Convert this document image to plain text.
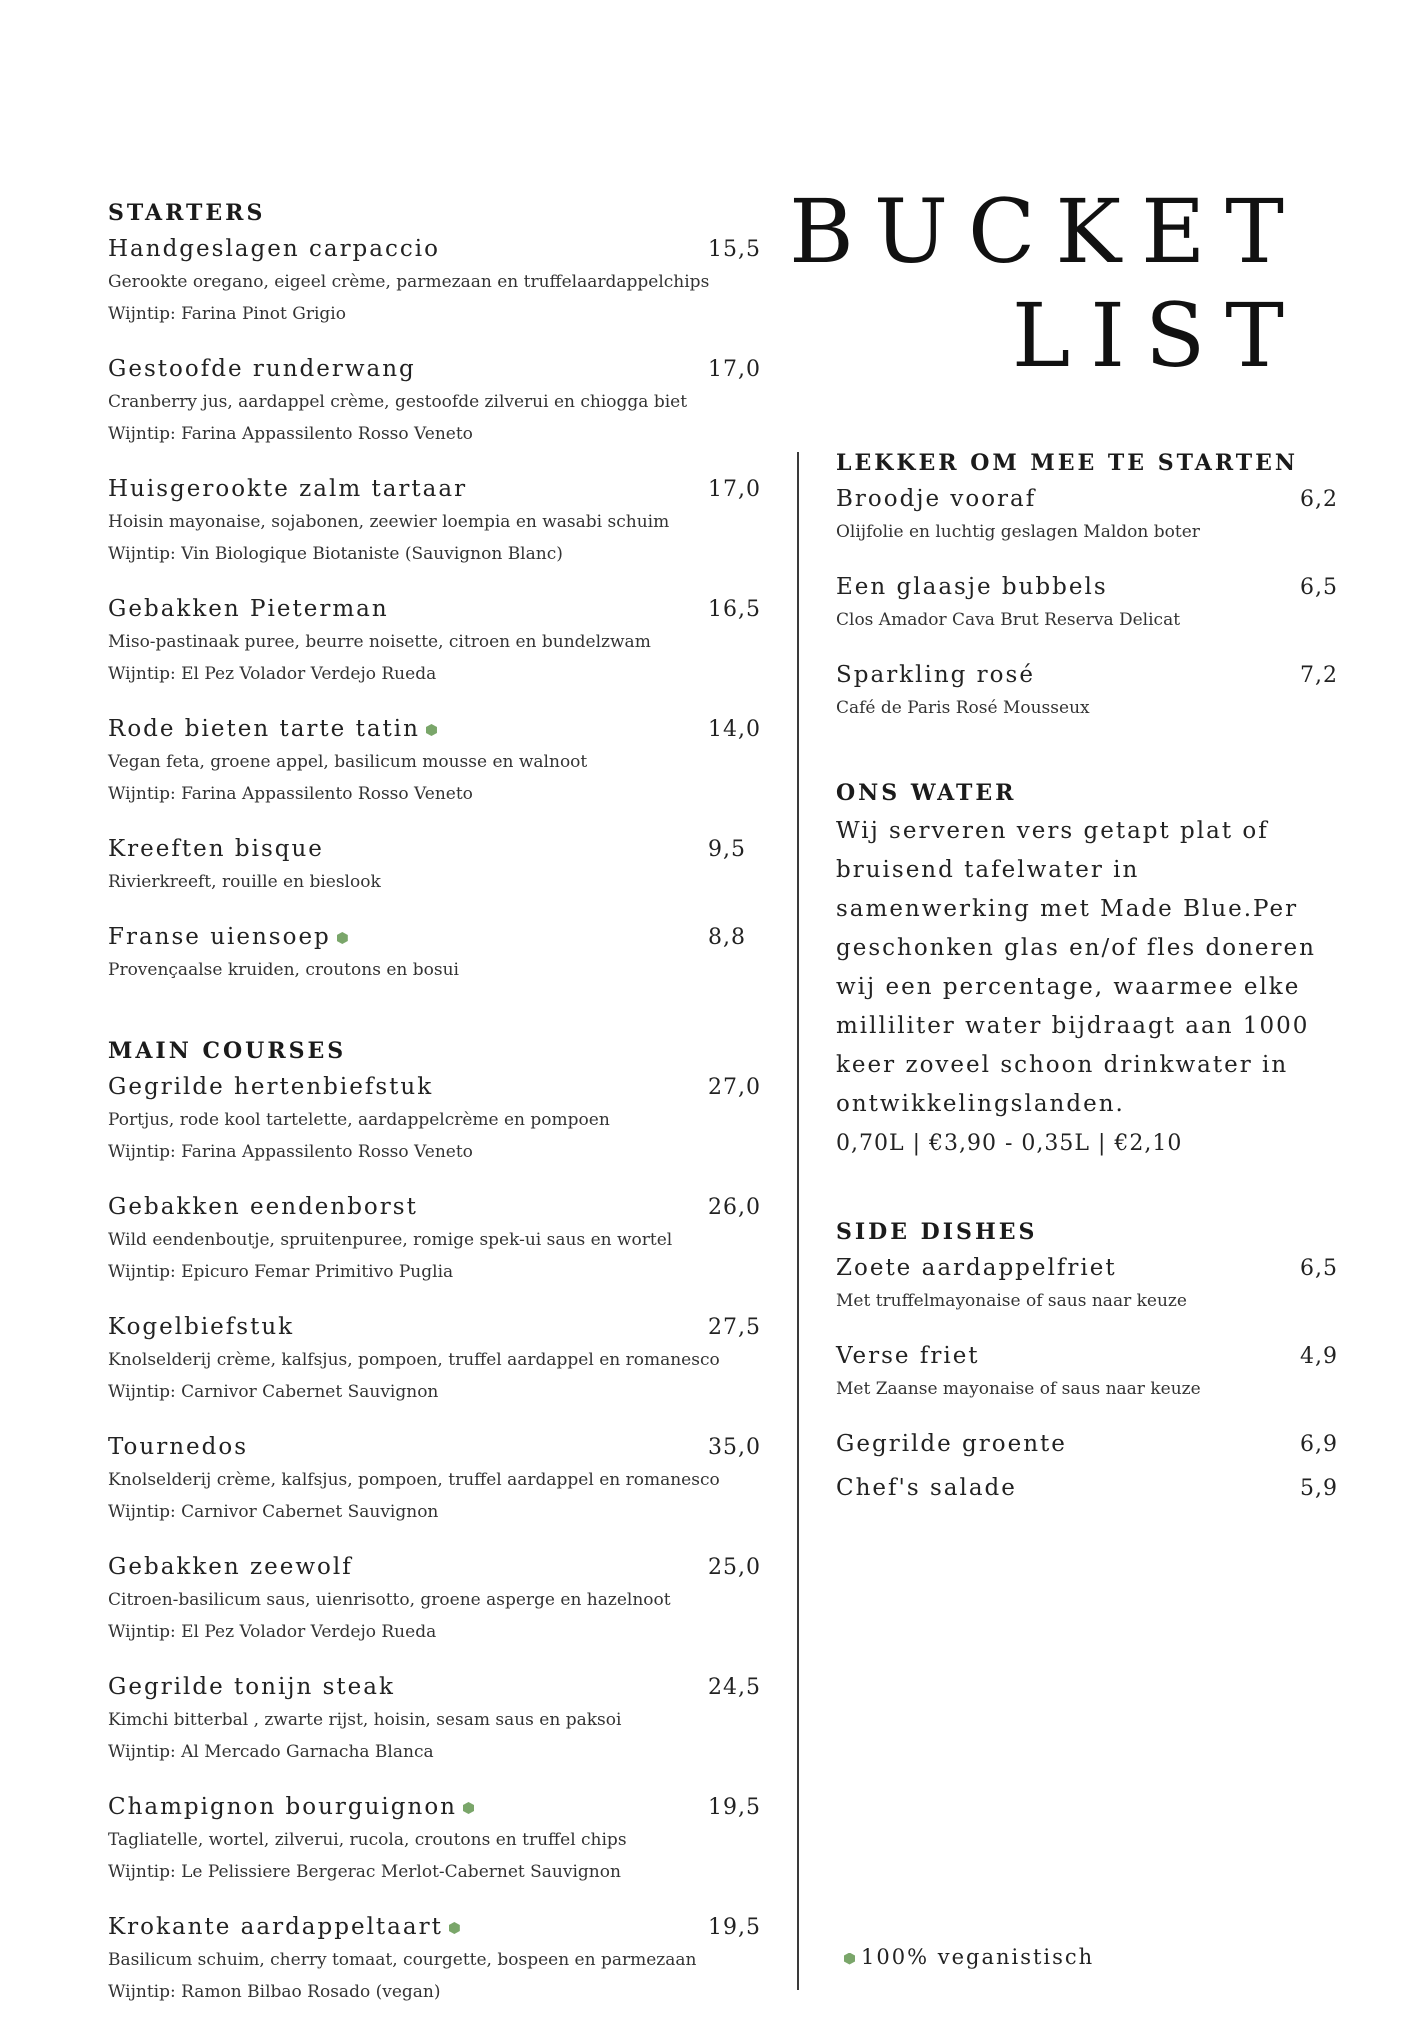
BUCKET
LIST
STARTERS
Handgeslagen carpaccio	15,5

Gerookte oregano, eigeel crème, parmezaan en truffelaardappelchips

Wijntip: Farina Pinot Grigio

Gestoofde runderwang	17,0

Cranberry jus, aardappel crème, gestoofde zilverui en chiogga biet

Wijntip: Farina Appassilento Rosso Veneto

Huisgerookte zalm tartaar	17,0

Hoisin mayonaise, sojabonen, zeewier loempia en wasabi schuim

Wijntip: Vin Biologique Biotaniste (Sauvignon Blanc)

Gebakken Pieterman	16,5

Miso-pastinaak puree, beurre noisette, citroen en bundelzwam

Wijntip: El Pez Volador Verdejo Rueda

Rode bieten tarte tatin	14,0

Vegan feta, groene appel, basilicum mousse en walnoot

Wijntip: Farina Appassilento Rosso Veneto

Kreeften bisque	9,5

Rivierkreeft, rouille en bieslook

Franse uiensoep	8,8

Provençaalse kruiden, croutons en bosui

MAIN COURSES
Gegrilde hertenbiefstuk	27,0

Portjus, rode kool tartelette, aardappelcrème en pompoen

Wijntip: Farina Appassilento Rosso Veneto

Gebakken eendenborst	26,0

Wild eendenboutje, spruitenpuree, romige spek-ui saus en wortel

Wijntip: Epicuro Femar Primitivo Puglia

Kogelbiefstuk	27,5

Knolselderij crème, kalfsjus, pompoen, truffel aardappel en romanesco

Wijntip: Carnivor Cabernet Sauvignon

Tournedos	35,0

Knolselderij crème, kalfsjus, pompoen, truffel aardappel en romanesco

Wijntip: Carnivor Cabernet Sauvignon

Gebakken zeewolf	25,0

Citroen-basilicum saus, uienrisotto, groene asperge en hazelnoot

Wijntip: El Pez Volador Verdejo Rueda

Gegrilde tonijn steak	24,5

Kimchi bitterbal , zwarte rijst, hoisin, sesam saus en paksoi

Wijntip: Al Mercado Garnacha Blanca

Champignon bourguignon	19,5

Tagliatelle, wortel, zilverui, rucola, croutons en truffel chips

Wijntip: Le Pelissiere Bergerac Merlot-Cabernet Sauvignon

Krokante aardappeltaart	19,5

Basilicum schuim, cherry tomaat, courgette, bospeen en parmezaan

Wijntip: Ramon Bilbao Rosado (vegan)

LEKKER OM MEE TE STARTEN
Broodje vooraf	6,2

Olijfolie en luchtig geslagen Maldon boter

Een glaasje bubbels	6,5

Clos Amador Cava Brut Reserva Delicat

Sparkling rosé	7,2

Café de Paris Rosé Mousseux

ONS WATER

Wij serveren vers getapt plat of bruisend tafelwater in samenwerking met Made Blue.Per geschonken glas en/of fles doneren wij een percentage, waarmee elke milliliter water bijdraagt aan 1000 keer zoveel schoon drinkwater in ontwikkelingslanden.

0,70L | €3,90 - 0,35L | €2,10

SIDE DISHES
Zoete aardappelfriet	6,5

Met truffelmayonaise of saus naar keuze

Verse friet	4,9

Met Zaanse mayonaise of saus naar keuze

Gegrilde groente	6,9
Chef's salade	5,9
100% veganistisch
